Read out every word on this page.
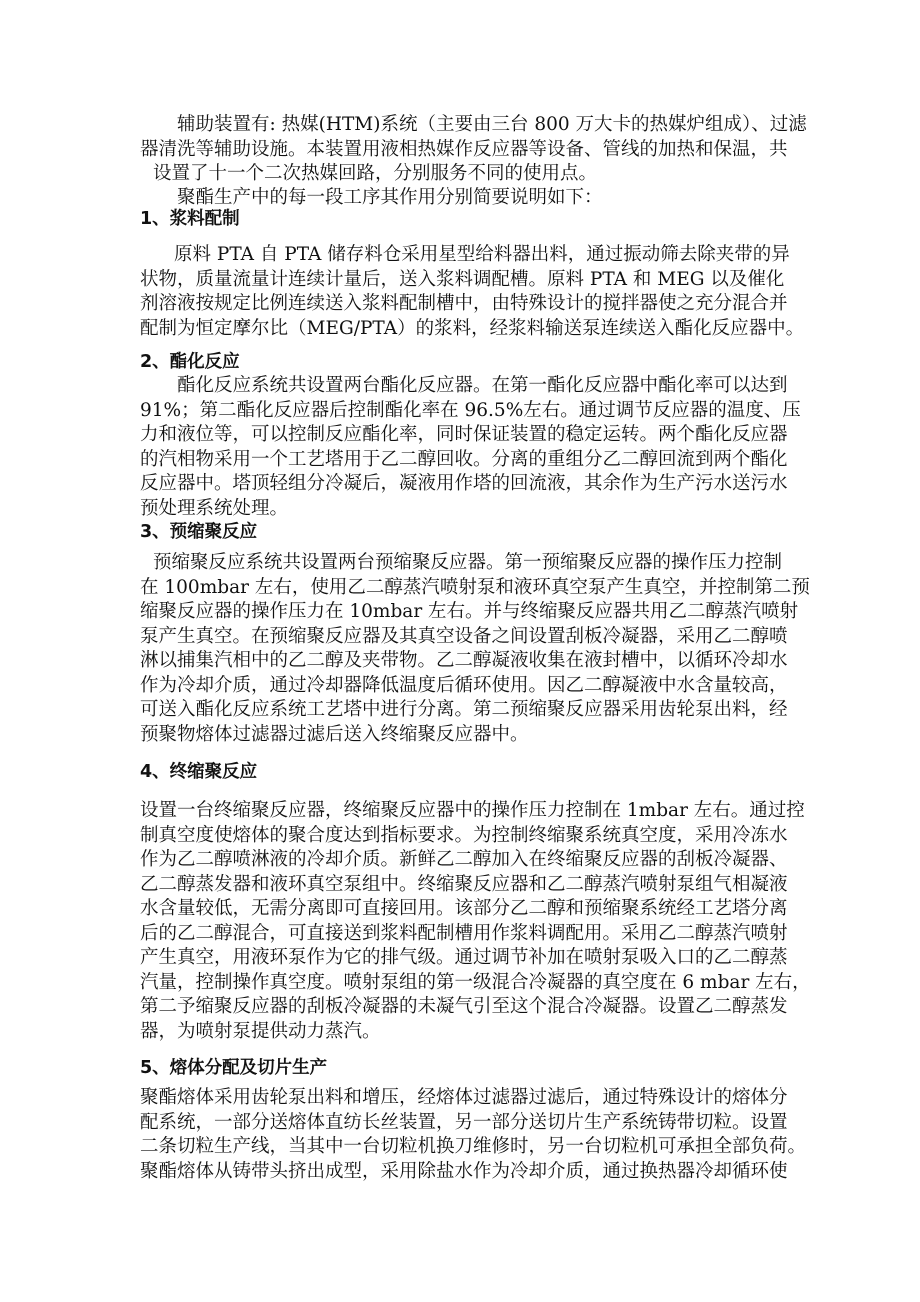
辅助装置有: 热媒(HTM)系统（主要由三台 800 万大卡的热媒炉组成）、过滤
器清洗等辅助设施。本装置用液相热媒作反应器等设备、管线的加热和保温，共
设置了十一个二次热媒回路，分别服务不同的使用点。
聚酯生产中的每一段工序其作用分别简要说明如下：
1、浆料配制
原料 PTA 自 PTA 储存料仓采用星型给料器出料，通过振动筛去除夹带的异
状物，质量流量计连续计量后，送入浆料调配槽。原料 PTA 和 MEG 以及催化
剂溶液按规定比例连续送入浆料配制槽中，由特殊设计的搅拌器使之充分混合并
配制为恒定摩尔比（MEG/PTA）的浆料，经浆料输送泵连续送入酯化反应器中。
2、酯化反应
酯化反应系统共设置两台酯化反应器。在第一酯化反应器中酯化率可以达到
91%；第二酯化反应器后控制酯化率在 96.5%左右。通过调节反应器的温度、压
力和液位等，可以控制反应酯化率，同时保证装置的稳定运转。两个酯化反应器
的汽相物采用一个工艺塔用于乙二醇回收。分离的重组分乙二醇回流到两个酯化
反应器中。塔顶轻组分冷凝后，凝液用作塔的回流液，其余作为生产污水送污水
预处理系统处理。
3、预缩聚反应
预缩聚反应系统共设置两台预缩聚反应器。第一预缩聚反应器的操作压力控制
在 100mbar 左右，使用乙二醇蒸汽喷射泵和液环真空泵产生真空，并控制第二预
缩聚反应器的操作压力在 10mbar 左右。并与终缩聚反应器共用乙二醇蒸汽喷射
泵产生真空。在预缩聚反应器及其真空设备之间设置刮板冷凝器，采用乙二醇喷
淋以捕集汽相中的乙二醇及夹带物。乙二醇凝液收集在液封槽中，以循环冷却水
作为冷却介质，通过冷却器降低温度后循环使用。因乙二醇凝液中水含量较高，
可送入酯化反应系统工艺塔中进行分离。第二预缩聚反应器采用齿轮泵出料，经
预聚物熔体过滤器过滤后送入终缩聚反应器中。
4、终缩聚反应
设置一台终缩聚反应器，终缩聚反应器中的操作压力控制在 1mbar 左右。通过控
制真空度使熔体的聚合度达到指标要求。为控制终缩聚系统真空度，采用冷冻水
作为乙二醇喷淋液的冷却介质。新鲜乙二醇加入在终缩聚反应器的刮板冷凝器、
乙二醇蒸发器和液环真空泵组中。终缩聚反应器和乙二醇蒸汽喷射泵组气相凝液
水含量较低，无需分离即可直接回用。该部分乙二醇和预缩聚系统经工艺塔分离
后的乙二醇混合，可直接送到浆料配制槽用作浆料调配用。采用乙二醇蒸汽喷射
产生真空，用液环泵作为它的排气级。通过调节补加在喷射泵吸入口的乙二醇蒸
汽量，控制操作真空度。喷射泵组的第一级混合冷凝器的真空度在 6 mbar 左右，
第二予缩聚反应器的刮板冷凝器的未凝气引至这个混合冷凝器。设置乙二醇蒸发
器，为喷射泵提供动力蒸汽。
5、熔体分配及切片生产
聚酯熔体采用齿轮泵出料和增压，经熔体过滤器过滤后，通过特殊设计的熔体分
配系统，一部分送熔体直纺长丝装置，另一部分送切片生产系统铸带切粒。设置
二条切粒生产线，当其中一台切粒机换刀维修时，另一台切粒机可承担全部负荷。
聚酯熔体从铸带头挤出成型，采用除盐水作为冷却介质，通过换热器冷却循环使
